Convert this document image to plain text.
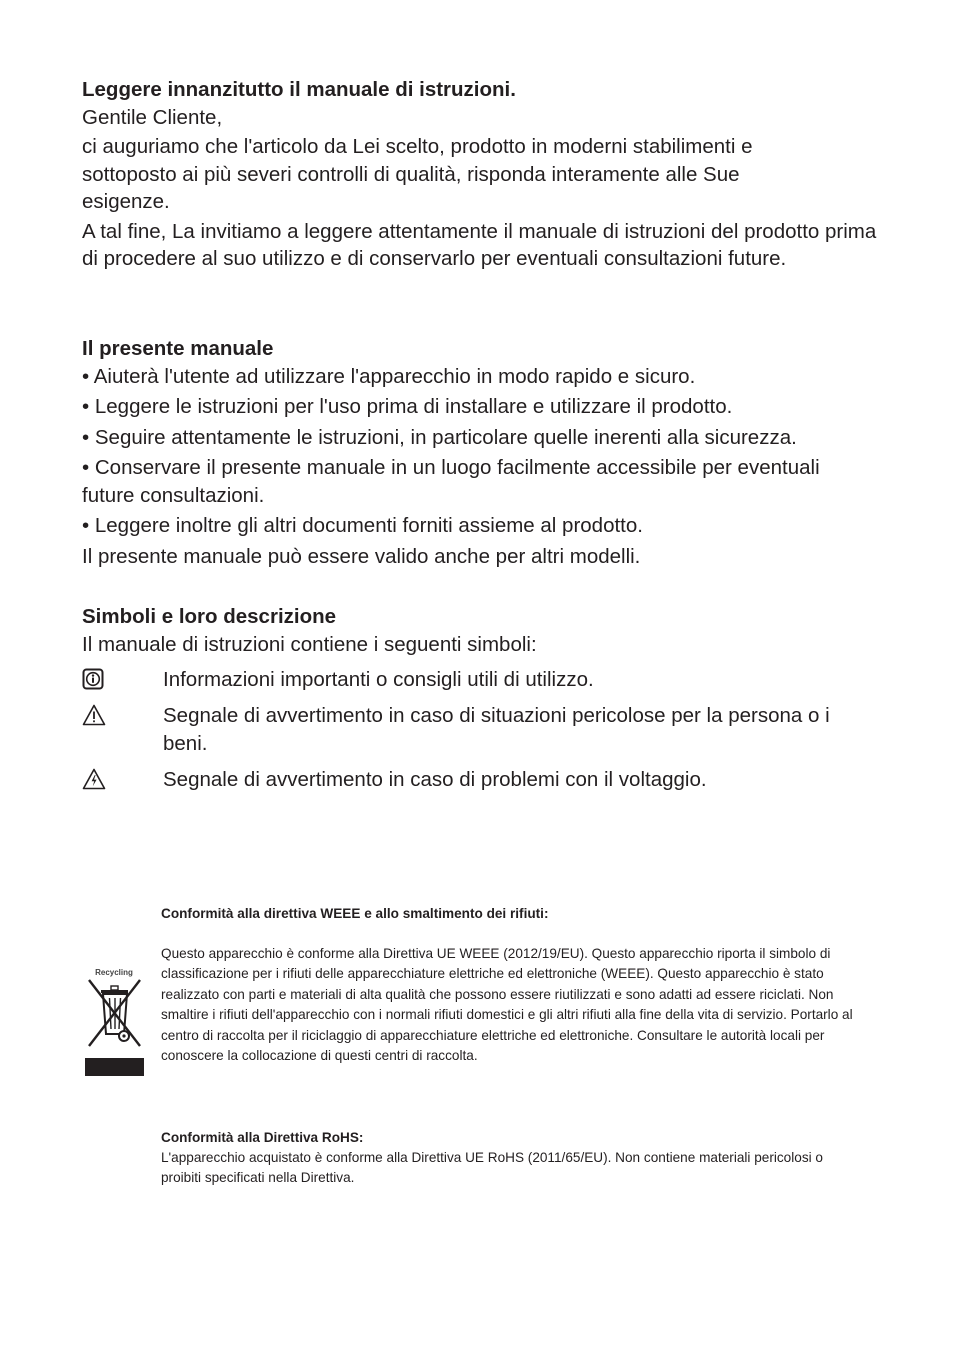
Leggere innanzitutto il manuale di istruzioni.

Gentile Cliente,

ci auguriamo che l'articolo da Lei scelto, prodotto in moderni stabilimenti e sottoposto ai più severi controlli di qualità, risponda interamente alle Sue esigenze.

A tal fine, La invitiamo a leggere attentamente il manuale di istruzioni del prodotto prima di procedere al suo utilizzo e di conservarlo per eventuali consultazioni future.

Il presente manuale

• Aiuterà l'utente ad utilizzare l'apparecchio in modo rapido e sicuro.

• Leggere le istruzioni per l'uso prima di installare e utilizzare il prodotto.

• Seguire attentamente le istruzioni, in particolare quelle inerenti alla sicurezza.

• Conservare il presente manuale in un luogo facilmente accessibile per eventuali future consultazioni.

• Leggere inoltre gli altri documenti forniti assieme al prodotto.

Il presente manuale può essere valido anche per altri modelli.

Simboli e loro descrizione

Il manuale di istruzioni contiene i seguenti simboli:

Informazioni importanti o consigli utili di utilizzo.
Segnale di avvertimento in caso di situazioni pericolose per la persona o i beni.
Segnale di avvertimento in caso di problemi con il voltaggio.

Conformità alla direttiva WEEE e allo smaltimento dei rifiuti:

Recycling

Questo apparecchio è conforme alla Direttiva UE WEEE (2012/19/EU). Questo apparecchio riporta il simbolo di classificazione per i rifiuti delle apparecchiature elettriche ed elettroniche (WEEE). Questo apparecchio è stato realizzato con parti e materiali di alta qualità che possono essere riutilizzati e sono adatti ad essere riciclati. Non smaltire i rifiuti dell'apparecchio con i normali rifiuti domestici e gli altri rifiuti alla fine della vita di servizio. Portarlo al centro di raccolta per il riciclaggio di apparecchiature elettriche ed elettroniche. Consultare le autorità locali per conoscere la collocazione di questi centri di raccolta.

Conformità alla Direttiva RoHS:

L'apparecchio acquistato è conforme alla Direttiva UE RoHS (2011/65/EU). Non contiene materiali pericolosi o proibiti specificati nella Direttiva.
